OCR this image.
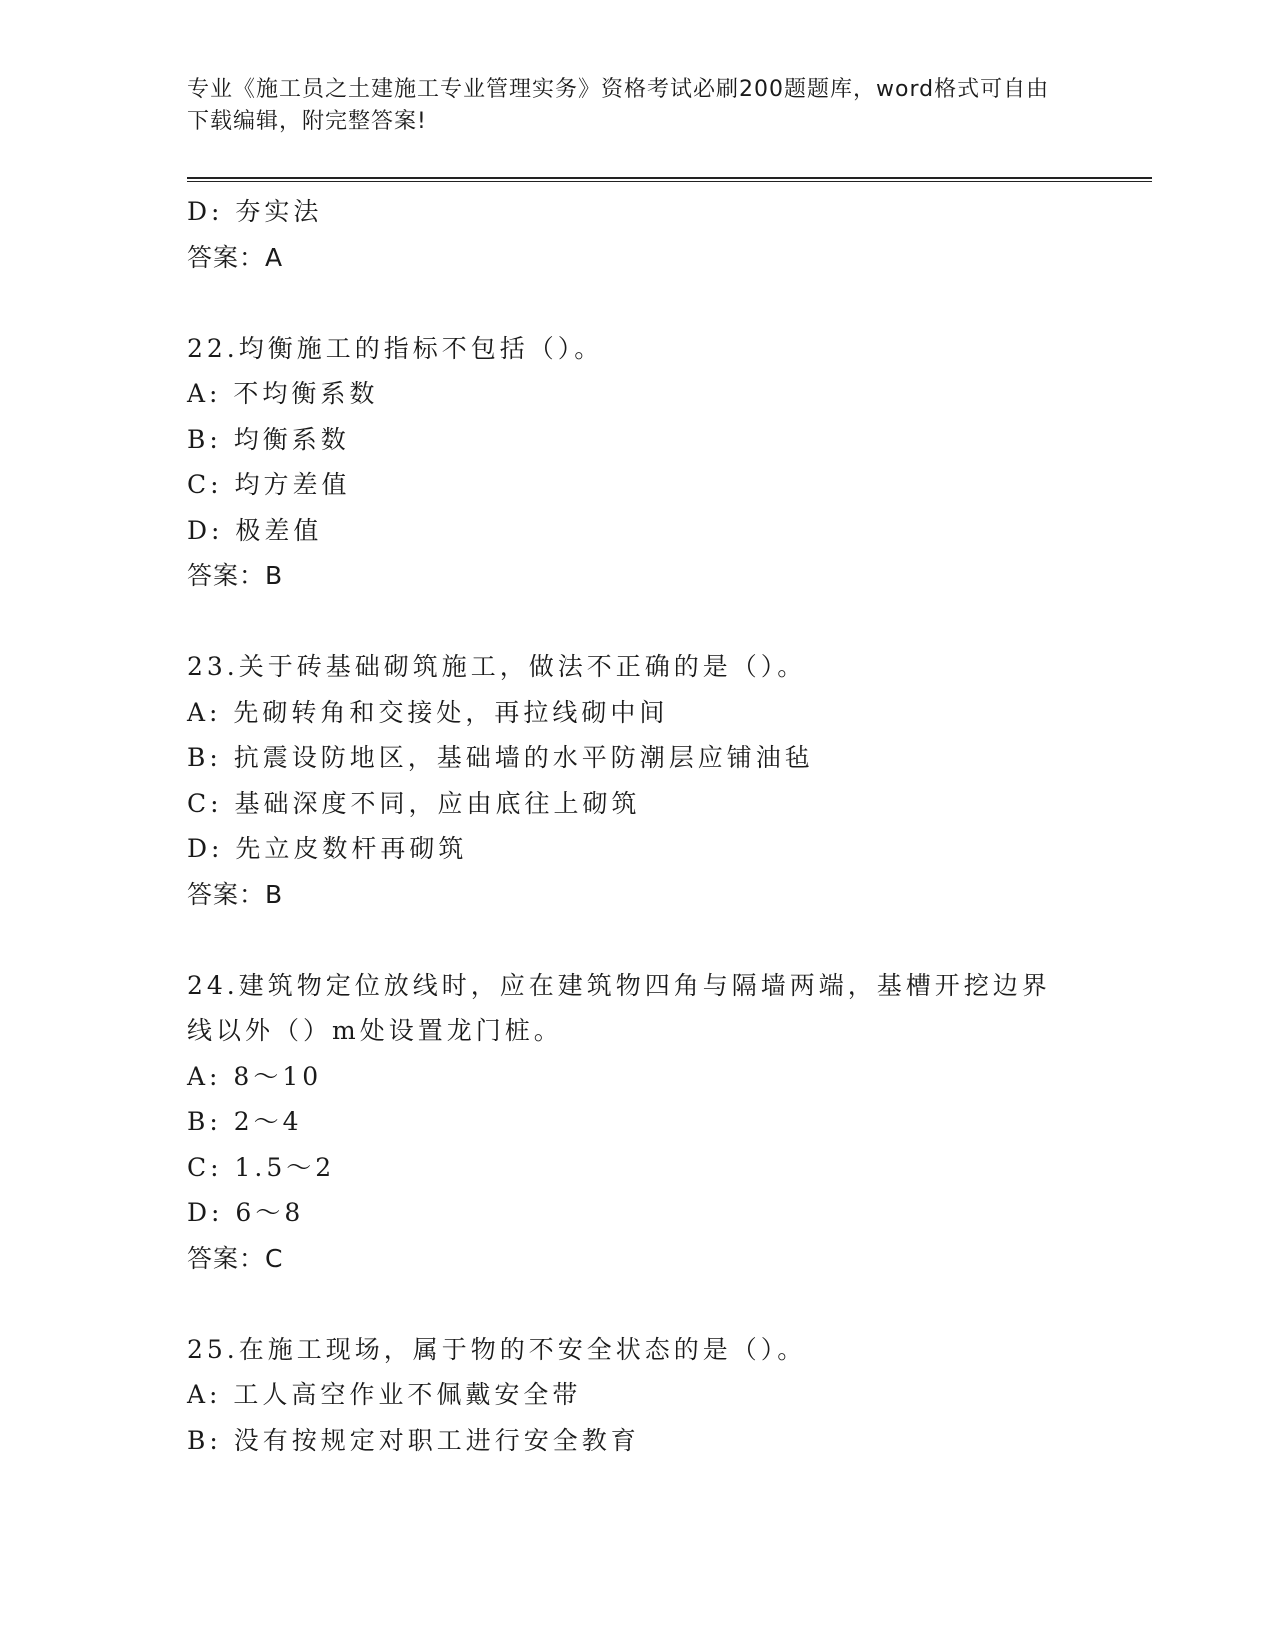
专业《施工员之土建施工专业管理实务》资格考试必刷200题题库，word格式可自由下载编辑，附完整答案!
D: 夯实法
答案：A
22.均衡施工的指标不包括（）。
A: 不均衡系数
B: 均衡系数
C: 均方差值
D: 极差值
答案：B
23.关于砖基础砌筑施工，做法不正确的是（）。
A: 先砌转角和交接处，再拉线砌中间
B: 抗震设防地区，基础墙的水平防潮层应铺油毡
C: 基础深度不同，应由底往上砌筑
D: 先立皮数杆再砌筑
答案：B
24.建筑物定位放线时，应在建筑物四角与隔墙两端，基槽开挖边界线以外（）m处设置龙门桩。
A: 8～10
B: 2～4
C: 1.5～2
D: 6～8
答案：C
25.在施工现场，属于物的不安全状态的是（）。
A: 工人高空作业不佩戴安全带
B: 没有按规定对职工进行安全教育
